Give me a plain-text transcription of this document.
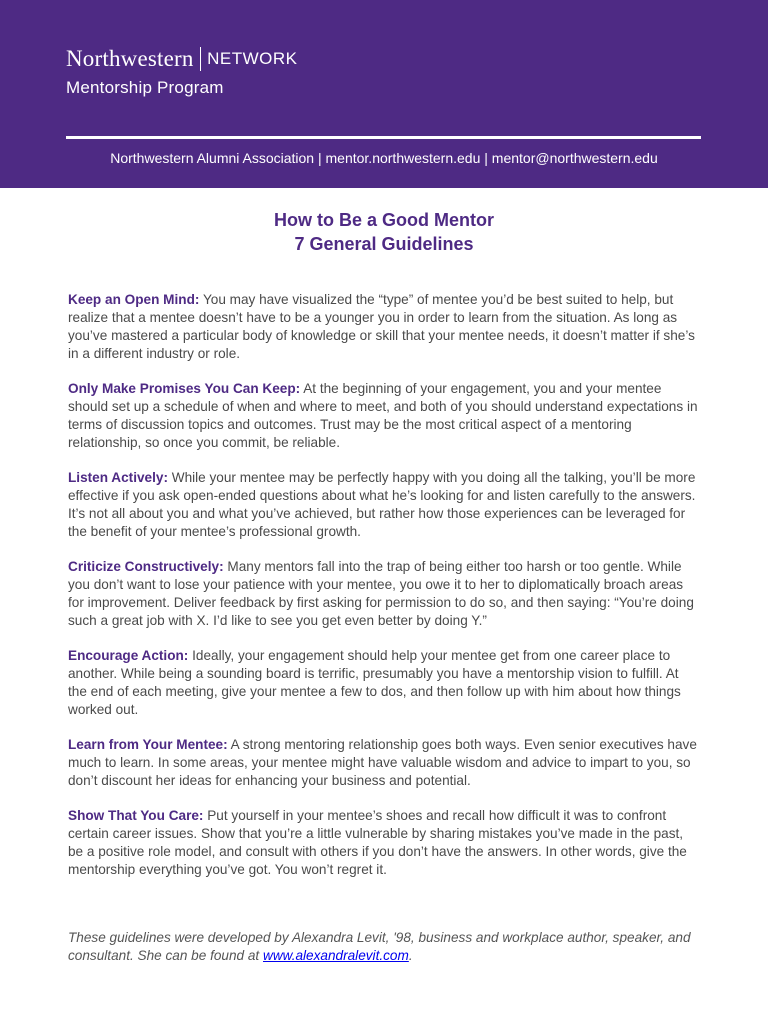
Northwestern NETWORK
Mentorship Program
Northwestern Alumni Association | mentor.northwestern.edu | mentor@northwestern.edu
How to Be a Good Mentor
7 General Guidelines

Keep an Open Mind: You may have visualized the “type” of mentee you’d be best suited to help, but realize that a mentee doesn’t have to be a younger you in order to learn from the situation. As long as you’ve mastered a particular body of knowledge or skill that your mentee needs, it doesn’t matter if she’s in a different industry or role.

Only Make Promises You Can Keep: At the beginning of your engagement, you and your mentee should set up a schedule of when and where to meet, and both of you should understand expectations in terms of discussion topics and outcomes. Trust may be the most critical aspect of a mentoring relationship, so once you commit, be reliable.

Listen Actively: While your mentee may be perfectly happy with you doing all the talking, you’ll be more effective if you ask open-ended questions about what he’s looking for and listen carefully to the answers. It’s not all about you and what you’ve achieved, but rather how those experiences can be leveraged for the benefit of your mentee’s professional growth.

Criticize Constructively: Many mentors fall into the trap of being either too harsh or too gentle. While you don’t want to lose your patience with your mentee, you owe it to her to diplomatically broach areas for improvement. Deliver feedback by first asking for permission to do so, and then saying: “You’re doing such a great job with X. I’d like to see you get even better by doing Y.”

Encourage Action: Ideally, your engagement should help your mentee get from one career place to another. While being a sounding board is terrific, presumably you have a mentorship vision to fulfill. At the end of each meeting, give your mentee a few to dos, and then follow up with him about how things worked out.

Learn from Your Mentee: A strong mentoring relationship goes both ways. Even senior executives have much to learn. In some areas, your mentee might have valuable wisdom and advice to impart to you, so don’t discount her ideas for enhancing your business and potential.

Show That You Care: Put yourself in your mentee’s shoes and recall how difficult it was to confront certain career issues. Show that you’re a little vulnerable by sharing mistakes you’ve made in the past, be a positive role model, and consult with others if you don’t have the answers. In other words, give the mentorship everything you’ve got. You won’t regret it.

These guidelines were developed by Alexandra Levit, '98, business and workplace author, speaker, and consultant. She can be found at www.alexandralevit.com.
